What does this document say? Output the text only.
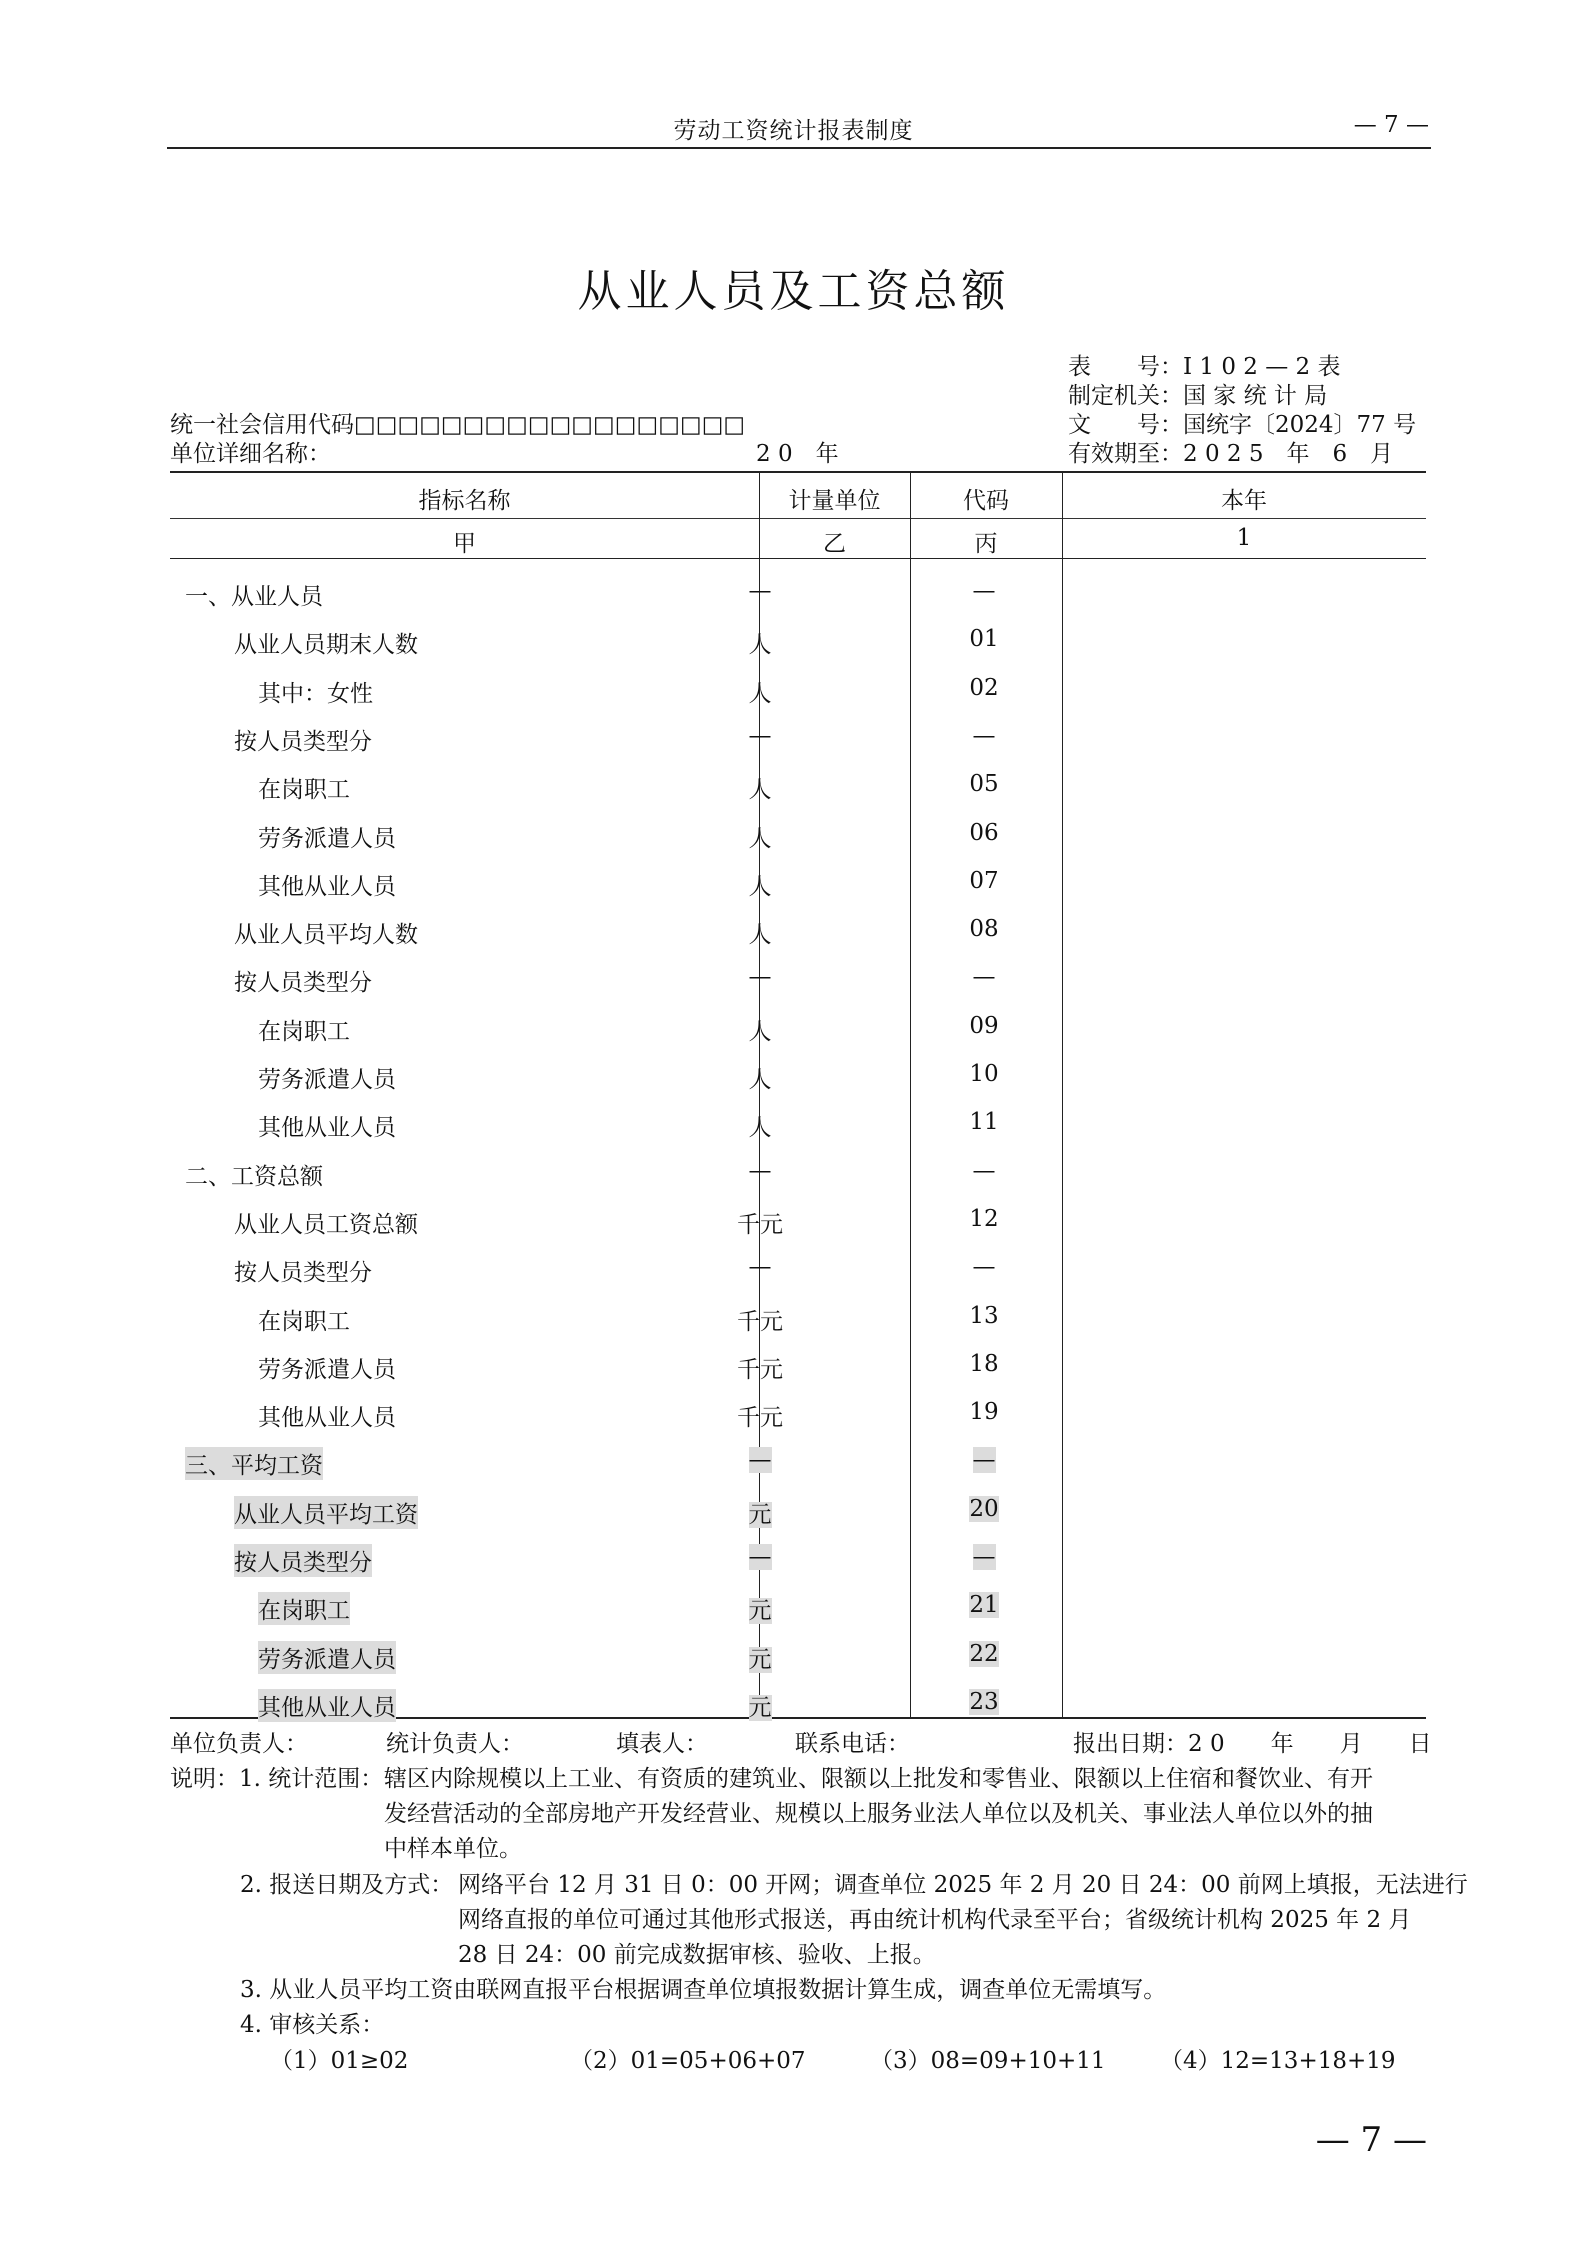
劳动工资统计报表制度	— 7 —
从业人员及工资总额
表　　号：I 1 0 2 — 2 表
制定机关：国 家 统 计 局
文　　号：国统字〔2024〕77 号
有效期至：2 0 2 5　年　6　月
统一社会信用代码□□□□□□□□□□□□□□□□□□
单位详细名称：	2 0　年
指标名称	计量单位	代码	本年
甲	乙	丙	1
一、从业人员	—	—
从业人员期末人数	人	01
其中：女性	人	02
按人员类型分	—	—
在岗职工	人	05
劳务派遣人员	人	06
其他从业人员	人	07
从业人员平均人数	人	08
按人员类型分	—	—
在岗职工	人	09
劳务派遣人员	人	10
其他从业人员	人	11
二、工资总额	—	—
从业人员工资总额	千元	12
按人员类型分	—	—
在岗职工	千元	13
劳务派遣人员	千元	18
其他从业人员	千元	19
三、平均工资	—	—
从业人员平均工资	元	20
按人员类型分	—	—
在岗职工	元	21
劳务派遣人员	元	22
其他从业人员	元	23
单位负责人：	统计负责人：	填表人：	联系电话：	报出日期：2 0　　年　　月　　日
说明：1. 统计范围： 辖区内除规模以上工业、有资质的建筑业、限额以上批发和零售业、限额以上住宿和餐饮业、有开
发经营活动的全部房地产开发经营业、规模以上服务业法人单位以及机关、事业法人单位以外的抽
中样本单位。
2. 报送日期及方式： 网络平台 12 月 31 日 0：00 开网；调查单位 2025 年 2 月 20 日 24：00 前网上填报，无法进行
网络直报的单位可通过其他形式报送，再由统计机构代录至平台；省级统计机构 2025 年 2 月
28 日 24：00 前完成数据审核、验收、上报。
3. 从业人员平均工资由联网直报平台根据调查单位填报数据计算生成，调查单位无需填写。
4. 审核关系：
（1）01≥02	（2）01=05+06+07	（3）08=09+10+11 （4）12=13+18+19
— 7 —
